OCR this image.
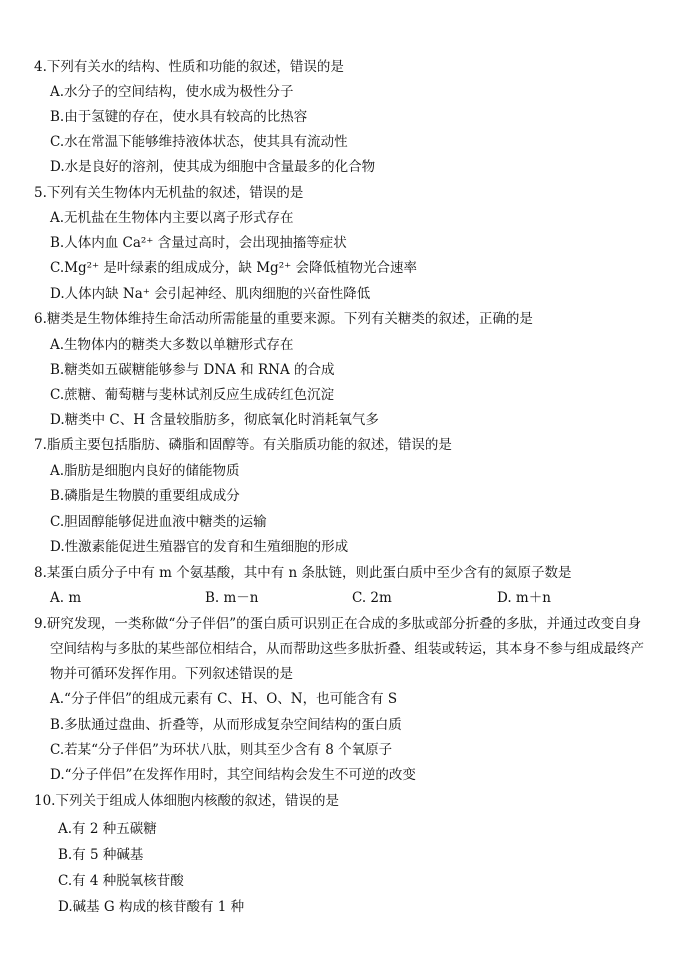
4.下列有关水的结构、性质和功能的叙述，错误的是
A.水分子的空间结构，使水成为极性分子
B.由于氢键的存在，使水具有较高的比热容
C.水在常温下能够维持液体状态，使其具有流动性
D.水是良好的溶剂，使其成为细胞中含量最多的化合物
5.下列有关生物体内无机盐的叙述，错误的是
A.无机盐在生物体内主要以离子形式存在
B.人体内血 Ca²⁺ 含量过高时，会出现抽搐等症状
C.Mg²⁺ 是叶绿素的组成成分，缺 Mg²⁺ 会降低植物光合速率
D.人体内缺 Na⁺ 会引起神经、肌肉细胞的兴奋性降低
6.糖类是生物体维持生命活动所需能量的重要来源。下列有关糖类的叙述，正确的是
A.生物体内的糖类大多数以单糖形式存在
B.糖类如五碳糖能够参与 DNA 和 RNA 的合成
C.蔗糖、葡萄糖与斐林试剂反应生成砖红色沉淀
D.糖类中 C、H 含量较脂肪多，彻底氧化时消耗氧气多
7.脂质主要包括脂肪、磷脂和固醇等。有关脂质功能的叙述，错误的是
A.脂肪是细胞内良好的储能物质
B.磷脂是生物膜的重要组成成分
C.胆固醇能够促进血液中糖类的运输
D.性激素能促进生殖器官的发育和生殖细胞的形成
8.某蛋白质分子中有 m 个氨基酸，其中有 n 条肽链，则此蛋白质中至少含有的氮原子数是
A. m	B. m－n	C. 2m	D. m＋n
9.研究发现，一类称做“分子伴侣”的蛋白质可识别正在合成的多肽或部分折叠的多肽，并通过改变自身
空间结构与多肽的某些部位相结合，从而帮助这些多肽折叠、组装或转运，其本身不参与组成最终产
物并可循环发挥作用。下列叙述错误的是
A.“分子伴侣”的组成元素有 C、H、O、N，也可能含有 S
B.多肽通过盘曲、折叠等，从而形成复杂空间结构的蛋白质
C.若某“分子伴侣”为环状八肽，则其至少含有 8 个氧原子
D.“分子伴侣”在发挥作用时，其空间结构会发生不可逆的改变
10.下列关于组成人体细胞内核酸的叙述，错误的是
A.有 2 种五碳糖
B.有 5 种碱基
C.有 4 种脱氧核苷酸
D.碱基 G 构成的核苷酸有 1 种
